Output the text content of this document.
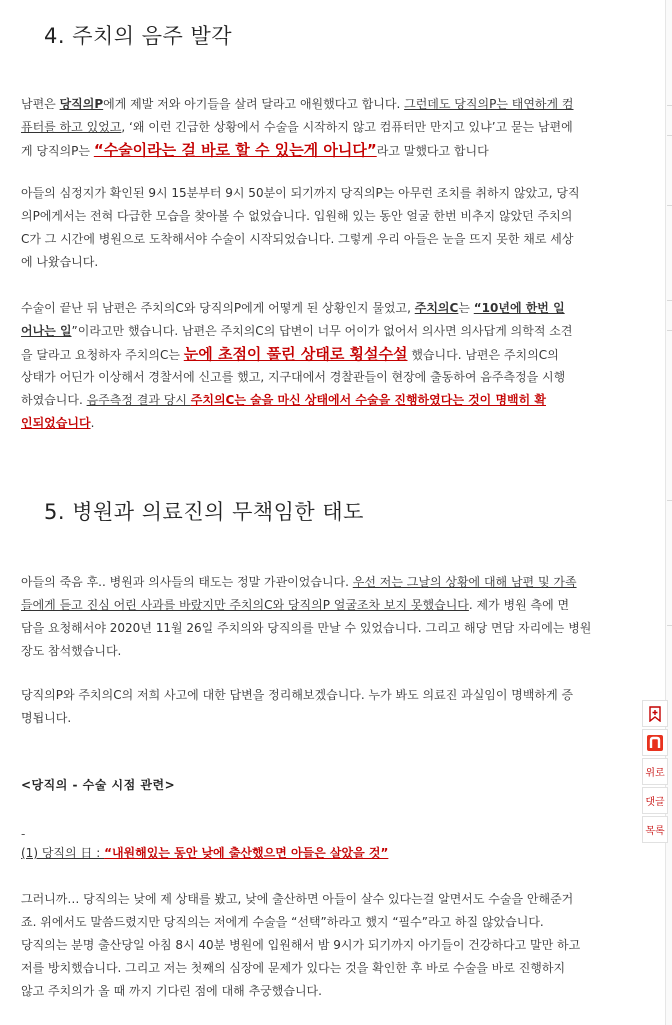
4. 주치의 음주 발각
남편은 당직의P에게 제발 저와 아기들을 살려 달라고 애원했다고 합니다. 그런데도 당직의P는 태연하게 컴
퓨터를 하고 있었고, ‘왜 이런 긴급한 상황에서 수술을 시작하지 않고 컴퓨터만 만지고 있냐’고 묻는 남편에
게 당직의P는 “수술이라는 걸 바로 할 수 있는게 아니다”라고 말했다고 합니다
아들의 심정지가 확인된 9시 15분부터 9시 50분이 되기까지 당직의P는 아무런 조치를 취하지 않았고, 당직
의P에게서는 전혀 다급한 모습을 찾아볼 수 없었습니다. 입원해 있는 동안 얼굴 한번 비추지 않았던 주치의
C가 그 시간에 병원으로 도착해서야 수술이 시작되었습니다. 그렇게 우리 아들은 눈을 뜨지 못한 채로 세상
에 나왔습니다.
수술이 끝난 뒤 남편은 주치의C와 당직의P에게 어떻게 된 상황인지 물었고, 주치의C는 “10년에 한번 일
어나는 일”이라고만 했습니다. 남편은 주치의C의 답변이 너무 어이가 없어서 의사면 의사답게 의학적 소견
을 달라고 요청하자 주치의C는 눈에 초점이 풀린 상태로 횡설수설 했습니다. 남편은 주치의C의
상태가 어딘가 이상해서 경찰서에 신고를 했고, 지구대에서 경찰관들이 현장에 출동하여 음주측정을 시행
하였습니다. 음주측정 결과 당시 주치의C는 술을 마신 상태에서 수술을 진행하였다는 것이 명백히 확
인되었습니다.
5. 병원과 의료진의 무책임한 태도
아들의 죽음 후.. 병원과 의사들의 태도는 정말 가관이었습니다. 우선 저는 그날의 상황에 대해 남편 및 가족
들에게 듣고 진심 어린 사과를 바랐지만 주치의C와 당직의P 얼굴조차 보지 못했습니다. 제가 병원 측에 면
담을 요청해서야 2020년 11월 26일 주치의와 당직의를 만날 수 있었습니다. 그리고 해당 면담 자리에는 병원
장도 참석했습니다.
당직의P와 주치의C의 저희 사고에 대한 답변을 정리해보겠습니다. 누가 봐도 의료진 과실임이 명백하게 증
명됩니다.
<당직의 - 수술 시점 관련>
-
(1) 당직의 日 : “내원해있는 동안 낮에 출산했으면 아들은 살았을 것”
그러니까… 당직의는 낮에 제 상태를 봤고, 낮에 출산하면 아들이 살수 있다는걸 알면서도 수술을 안해준거
죠. 위에서도 말씀드렸지만 당직의는 저에게 수술을 “선택”하라고 했지 “필수”라고 하질 않았습니다.
당직의는 분명 출산당일 아침 8시 40분 병원에 입원해서 밤 9시가 되기까지 아기들이 건강하다고 말만 하고
저를 방치했습니다. 그리고 저는 첫째의 심장에 문제가 있다는 것을 확인한 후 바로 수술을 바로 진행하지
않고 주치의가 올 때 까지 기다린 점에 대해 추궁했습니다.
위로
댓글
목록
